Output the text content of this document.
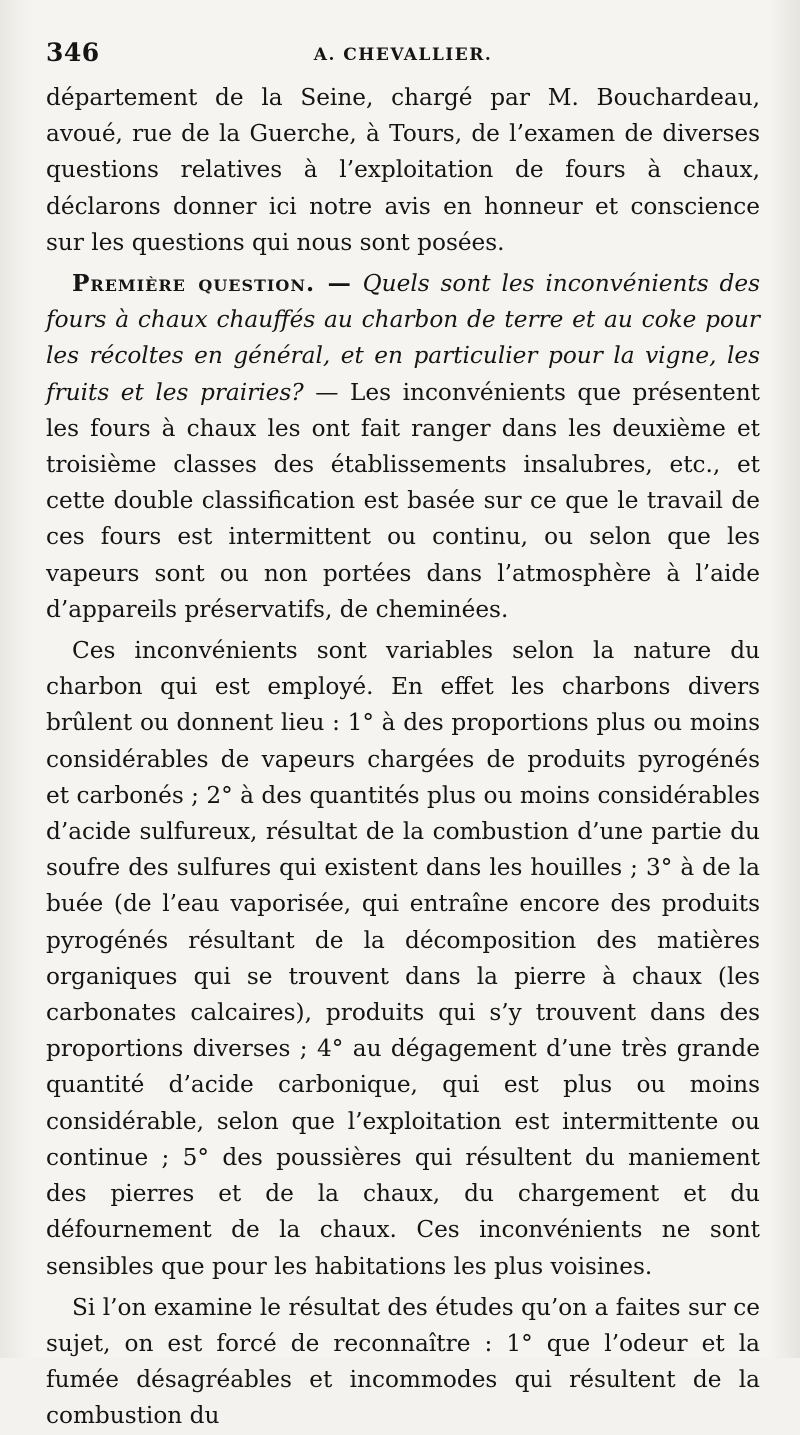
346	A. CHEVALLIER.

département de la Seine, chargé par M. Bouchardeau, avoué, rue de la Guerche, à Tours, de l’examen de diverses questions relatives à l’exploitation de fours à chaux, déclarons donner ici notre avis en honneur et conscience sur les questions qui nous sont posées.

Première question. — Quels sont les inconvénients des fours à chaux chauffés au charbon de terre et au coke pour les récoltes en général, et en particulier pour la vigne, les fruits et les prairies? — Les inconvénients que présentent les fours à chaux les ont fait ranger dans les deuxième et troisième classes des établissements insalubres, etc., et cette double classification est basée sur ce que le travail de ces fours est intermittent ou continu, ou selon que les vapeurs sont ou non portées dans l’atmosphère à l’aide d’appareils préservatifs, de cheminées.

Ces inconvénients sont variables selon la nature du charbon qui est employé. En effet les charbons divers brûlent ou donnent lieu : 1° à des proportions plus ou moins considérables de vapeurs chargées de produits pyrogénés et carbonés ; 2° à des quantités plus ou moins considérables d’acide sulfureux, résultat de la combustion d’une partie du soufre des sulfures qui existent dans les houilles ; 3° à de la buée (de l’eau vaporisée, qui entraîne encore des produits pyrogénés résultant de la décomposition des matières organiques qui se trouvent dans la pierre à chaux (les carbonates calcaires), produits qui s’y trouvent dans des proportions diverses ; 4° au dégagement d’une très grande quantité d’acide carbonique, qui est plus ou moins considérable, selon que l’exploitation est intermittente ou continue ; 5° des poussières qui résultent du maniement des pierres et de la chaux, du chargement et du défournement de la chaux. Ces inconvénients ne sont sensibles que pour les habitations les plus voisines.

Si l’on examine le résultat des études qu’on a faites sur ce sujet, on est forcé de reconnaître : 1° que l’odeur et la fumée désagréables et incommodes qui résultent de la combustion du
